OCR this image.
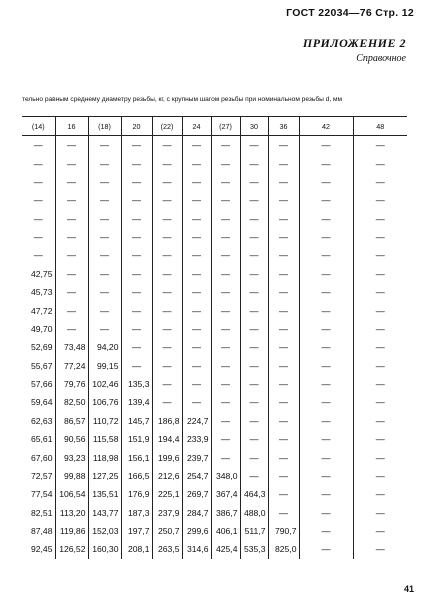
ГОСТ 22034—76 Стр. 12
ПРИЛОЖЕНИЕ 2
Справочное
тельно равным среднему диаметру резьбы, кг, с крупным шагом резьбы при номинальном резьбы d, мм
(14)	16	(18)	20	(22)	24	(27)	30	36	42	48
—	—	—	—	—	—	—	—	—	—	—
—	—	—	—	—	—	—	—	—	—	—
—	—	—	—	—	—	—	—	—	—	—
—	—	—	—	—	—	—	—	—	—	—
—	—	—	—	—	—	—	—	—	—	—
—	—	—	—	—	—	—	—	—	—	—
—	—	—	—	—	—	—	—	—	—	—
42,75	—	—	—	—	—	—	—	—	—	—
45,73	—	—	—	—	—	—	—	—	—	—
47,72	—	—	—	—	—	—	—	—	—	—
49,70	—	—	—	—	—	—	—	—	—	—
52,69	73,48	94,20	—	—	—	—	—	—	—	—
55,67	77,24	99,15	—	—	—	—	—	—	—	—
57,66	79,76	102,46	135,3	—	—	—	—	—	—	—
59,64	82,50	106,76	139,4	—	—	—	—	—	—	—
62,63	86,57	110,72	145,7	186,8	224,7	—	—	—	—	—
65,61	90,56	115,58	151,9	194,4	233,9	—	—	—	—	—
67,60	93,23	118,98	156,1	199,6	239,7	—	—	—	—	—
72,57	99,88	127,25	166,5	212,6	254,7	348,0	—	—	—	—
77,54	106,54	135,51	176,9	225,1	269,7	367,4	464,3	—	—	—
82,51	113,20	143,77	187,3	237,9	284,7	386,7	488,0	—	—	—
87,48	119,86	152,03	197,7	250,7	299,6	406,1	511,7	790,7	—	—
92,45	126,52	160,30	208,1	263,5	314,6	425,4	535,3	825,0	—	—
41
